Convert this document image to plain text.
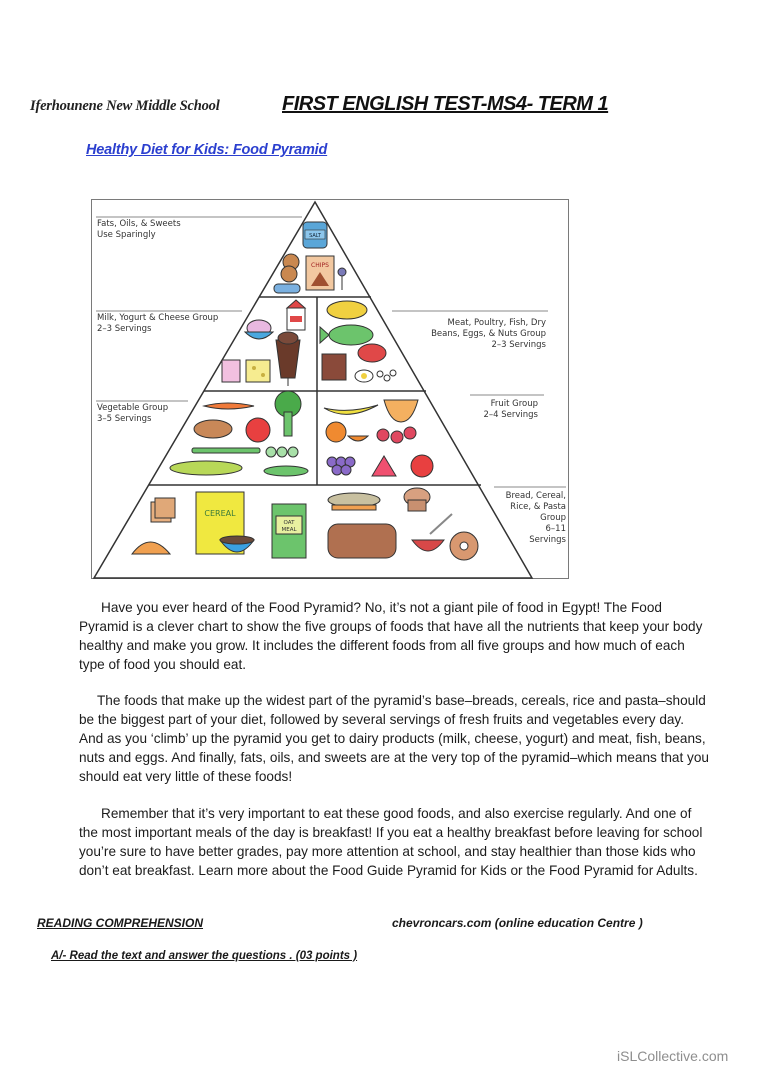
Iferhounene New Middle School	FIRST ENGLISH TEST-MS4- TERM 1
Healthy Diet for Kids: Food Pyramid
SALT
CHIPS
CEREAL
OAT
MEAL
Fats, Oils, & Sweets
Use Sparingly
Milk, Yogurt & Cheese Group
2–3 Servings
Meat, Poultry, Fish, Dry
Beans, Eggs, & Nuts Group
2–3 Servings
Vegetable Group
3–5 Servings
Fruit Group
2–4 Servings
Bread, Cereal,
Rice, & Pasta
Group
6–11
Servings

Have you ever heard of the Food Pyramid? No, it’s not a giant pile of food in Egypt! The Food Pyramid is a clever chart to show the five groups of foods that have all the nutrients that keep your body healthy and make you grow. It includes the different foods from all five groups and how much of each type of food you should eat.

The foods that make up the widest part of the pyramid’s base–breads, cereals, rice and pasta–should be the biggest part of your diet, followed by several servings of fresh fruits and vegetables every day. And as you ‘climb’ up the pyramid you get to dairy products (milk, cheese, yogurt) and meat, fish, beans, nuts and eggs. And finally, fats, oils, and sweets are at the very top of the pyramid–which means that you should eat very little of these foods!

Remember that it’s very important to eat these good foods, and also exercise regularly. And one of the most important meals of the day is breakfast! If you eat a healthy breakfast before leaving for school you’re sure to have better grades, pay more attention at school, and stay healthier than those kids who don’t eat breakfast. Learn more about the Food Guide Pyramid for Kids or the Food Pyramid for Adults.

READING COMPREHENSION	chevroncars.com (online education Centre )
A/- Read the text and answer the questions . (03 points )
iSLCollective.com
